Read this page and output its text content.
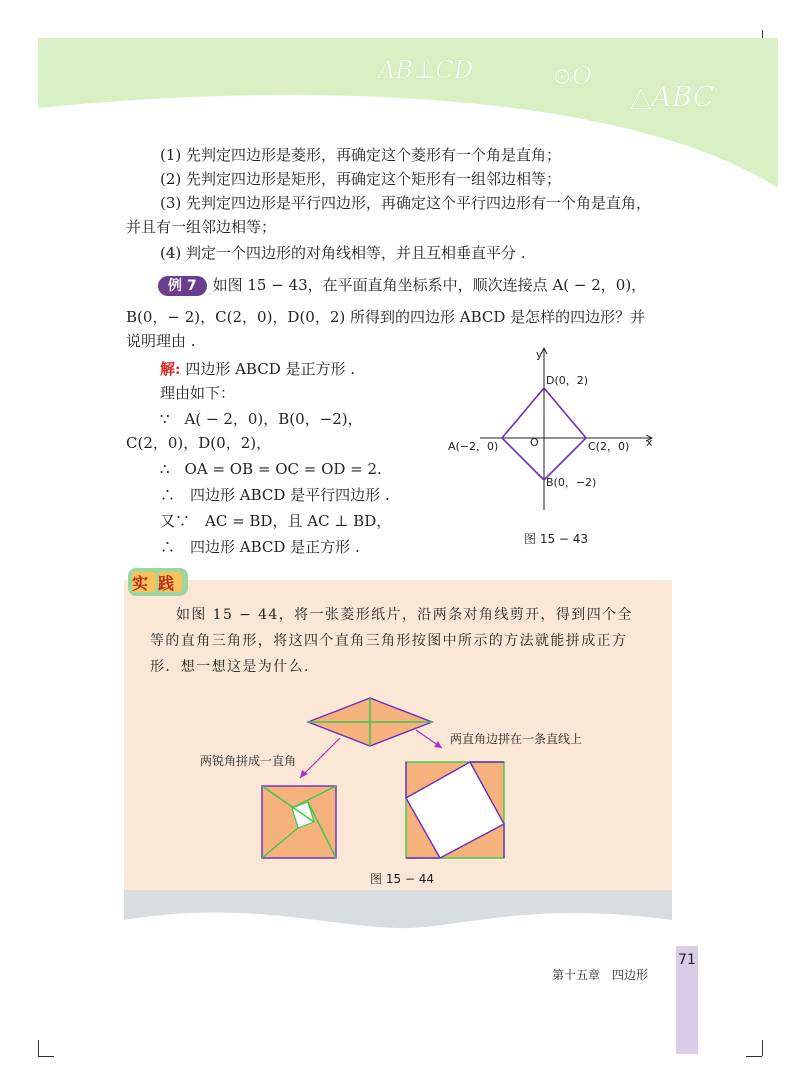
AB⊥CD	⊙O
△ABC
(1) 先判定四边形是菱形，再确定这个菱形有一个角是直角；
(2) 先判定四边形是矩形，再确定这个矩形有一组邻边相等；
(3) 先判定四边形是平行四边形，再确定这个平行四边形有一个角是直角，
并且有一组邻边相等；
(4) 判定一个四边形的对角线相等，并且互相垂直平分 .
例 7 如图 15 − 43，在平面直角坐标系中，顺次连接点 A( − 2，0)，
B(0，− 2)，C(2，0)，D(0，2) 所得到的四边形 ABCD 是怎样的四边形？并
说明理由 .
解: 四边形 ABCD 是正方形 .
理由如下：
∵　A( − 2，0)，B(0，−2)，
C(2，0)，D(0，2)，
∴　OA = OB = OC = OD = 2.
∴　四边形 ABCD 是平行四边形 .
又∵　AC = BD，且 AC ⊥ BD，
∴　四边形 ABCD 是正方形 .
y
x
O
A(−2，0)
B(0，−2)
C(2，0)
D(0，2)
图 15 − 43
实践
如图 15 − 44，将一张菱形纸片，沿两条对角线剪开，得到四个全
等的直角三角形，将这四个直角三角形按图中所示的方法就能拼成正方
形．想一想这是为什么．
两锐角拼成一直角
两直角边拼在一条直线上
图 15 − 44
第十五章　四边形
71
